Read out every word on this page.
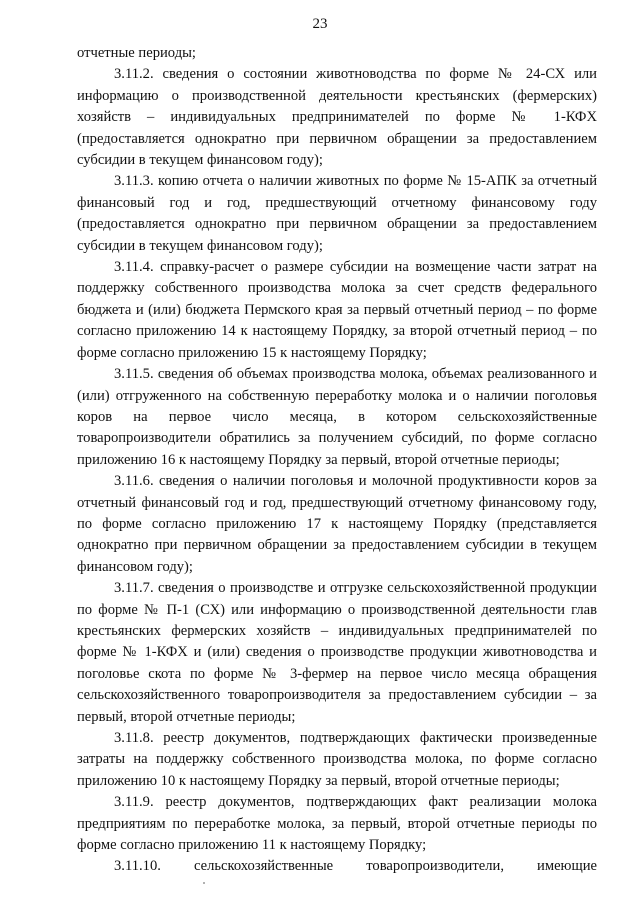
23

отчетные периоды;

3.11.2. сведения о состоянии животноводства по форме № 24-СХ или информацию о производственной деятельности крестьянских (фермерских) хозяйств – индивидуальных предпринимателей по форме № 1-КФХ (предоставляется однократно при первичном обращении за предоставлением субсидии в текущем финансовом году);

3.11.3. копию отчета о наличии животных по форме № 15-АПК за отчетный финансовый год и год, предшествующий отчетному финансовому году (предоставляется однократно при первичном обращении за предоставлением субсидии в текущем финансовом году);

3.11.4. справку-расчет о размере субсидии на возмещение части затрат на поддержку собственного производства молока за счет средств федерального бюджета и (или) бюджета Пермского края за первый отчетный период – по форме согласно приложению 14 к настоящему Порядку, за второй отчетный период – по форме согласно приложению 15 к настоящему Порядку;

3.11.5. сведения об объемах производства молока, объемах реализованного и (или) отгруженного на собственную переработку молока и о наличии поголовья коров на первое число месяца, в котором сельскохозяйственные товаропроизводители обратились за получением субсидий, по форме согласно приложению 16 к настоящему Порядку за первый, второй отчетные периоды;

3.11.6. сведения о наличии поголовья и молочной продуктивности коров за отчетный финансовый год и год, предшествующий отчетному финансовому году, по форме согласно приложению 17 к настоящему Порядку (представляется однократно при первичном обращении за предоставлением субсидии в текущем финансовом году);

3.11.7. сведения о производстве и отгрузке сельскохозяйственной продукции по форме № П-1 (СХ) или информацию о производственной деятельности глав крестьянских фермерских хозяйств – индивидуальных предпринимателей по форме № 1-КФХ и (или) сведения о производстве продукции животноводства и поголовье скота по форме № 3-фермер на первое число месяца обращения сельскохозяйственного товаропроизводителя за предоставлением субсидии – за первый, второй отчетные периоды;

3.11.8. реестр документов, подтверждающих фактически произведенные затраты на поддержку собственного производства молока, по форме согласно приложению 10 к настоящему Порядку за первый, второй отчетные периоды;

3.11.9. реестр документов, подтверждающих факт реализации молока предприятиям по переработке молока, за первый, второй отчетные периоды по форме согласно приложению 11 к настоящему Порядку;

3.11.10. сельскохозяйственные товаропроизводители, имеющие
